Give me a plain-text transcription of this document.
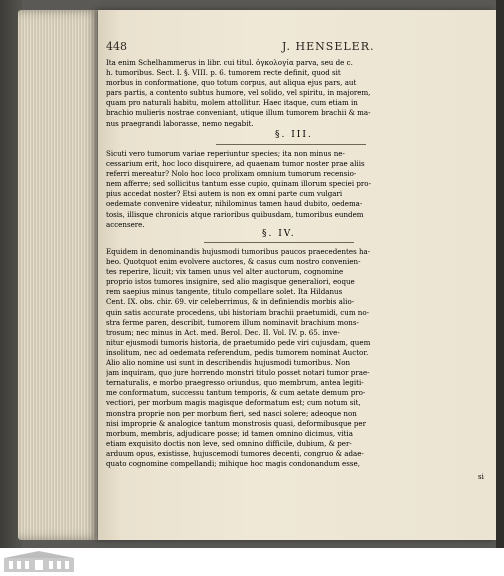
448	J. HENSELER.
Ita enim Schelhammerus in libr. cui titul. ὀγκολογία parva, seu de c.
h. tumoribus. Sect. I. §. VIII. p. 6. tumorem recte definit, quod sit
morbus in conformatione, quo totum corpus, aut aliqua ejus pars, aut
pars partis, a contento subtus humore, vel solido, vel spiritu, in majorem,
quam pro naturali habitu, molem attollitur. Haec itaque, cum etiam in
brachio mulieris nostrae conveniant, utique illum tumorem brachii & ma-
nus praegrandi laborasse, nemo negabit.
§. III.
Sicuti vero tumorum variae reperiuntur species; ita non minus ne-
cessarium erit, hoc loco disquirere, ad quaenam tumor noster prae aliis
referri mereatur? Nolo hoc loco prolixam omnium tumorum recensio-
nem afferre; sed sollicitus tantum esse cupio, quinam illorum speciei pro-
pius accedat noster? Etsi autem is non ex omni parte cum vulgari
oedemate convenire videatur, nihilominus tamen haud dubito, oedema-
tosis, illisque chronicis atque rarioribus quibusdam, tumoribus eundem
accensere.
§. IV.
Equidem in denominandis hujusmodi tumoribus paucos praecedentes ha-
beo. Quotquot enim evolvere auctores, & casus cum nostro convenien-
tes reperire, licuit; vix tamen unus vel alter auctorum, cognomine
proprio istos tumores insignire, sed alio magisque generaliori, eoque
rem saepius minus tangente, titulo compellare solet. Ita Hildanus
Cent. IX. obs. chir. 69. vir celeberrimus, & in definiendis morbis alio-
quin satis accurate procedens, ubi historiam brachii praetumidi, cum no-
stra ferme paren, describit, tumorem illum nominavit brachium mons-
trosum; nec minus in Act. med. Berol. Dec. II. Vol. IV. p. 65. inve-
nitur ejusmodi tumoris historia, de praetumido pede viri cujusdam, quem
insolitum, nec ad oedemata referendum, pedis tumorem nominat Auctor.
Alio alio nomine usi sunt in describendis hujusmodi tumoribus. Non
jam inquiram, quo jure horrendo monstri titulo posset notari tumor prae-
ternaturalis, e morbo praegresso oriundus, quo membrum, antea legiti-
me conformatum, successu tantum temporis, & cum aetate demum pro-
vectiori, per morbum magis magisque deformatum est; cum notum sit,
monstra proprie non per morbum fieri, sed nasci solere; adeoque non
nisi improprie & analogice tantum monstrosis quasi, deformibusque per
morbum, membris, adjudicare posse; id tamen omnino dicimus, vitia
etiam exquisito doctis non leve, sed omnino difficile, dubium, & per-
arduum opus, existisse, hujuscemodi tumores decenti, congruo & adae-
quato cognomine compellandi; mihique hoc magis condonandum esse,
si
